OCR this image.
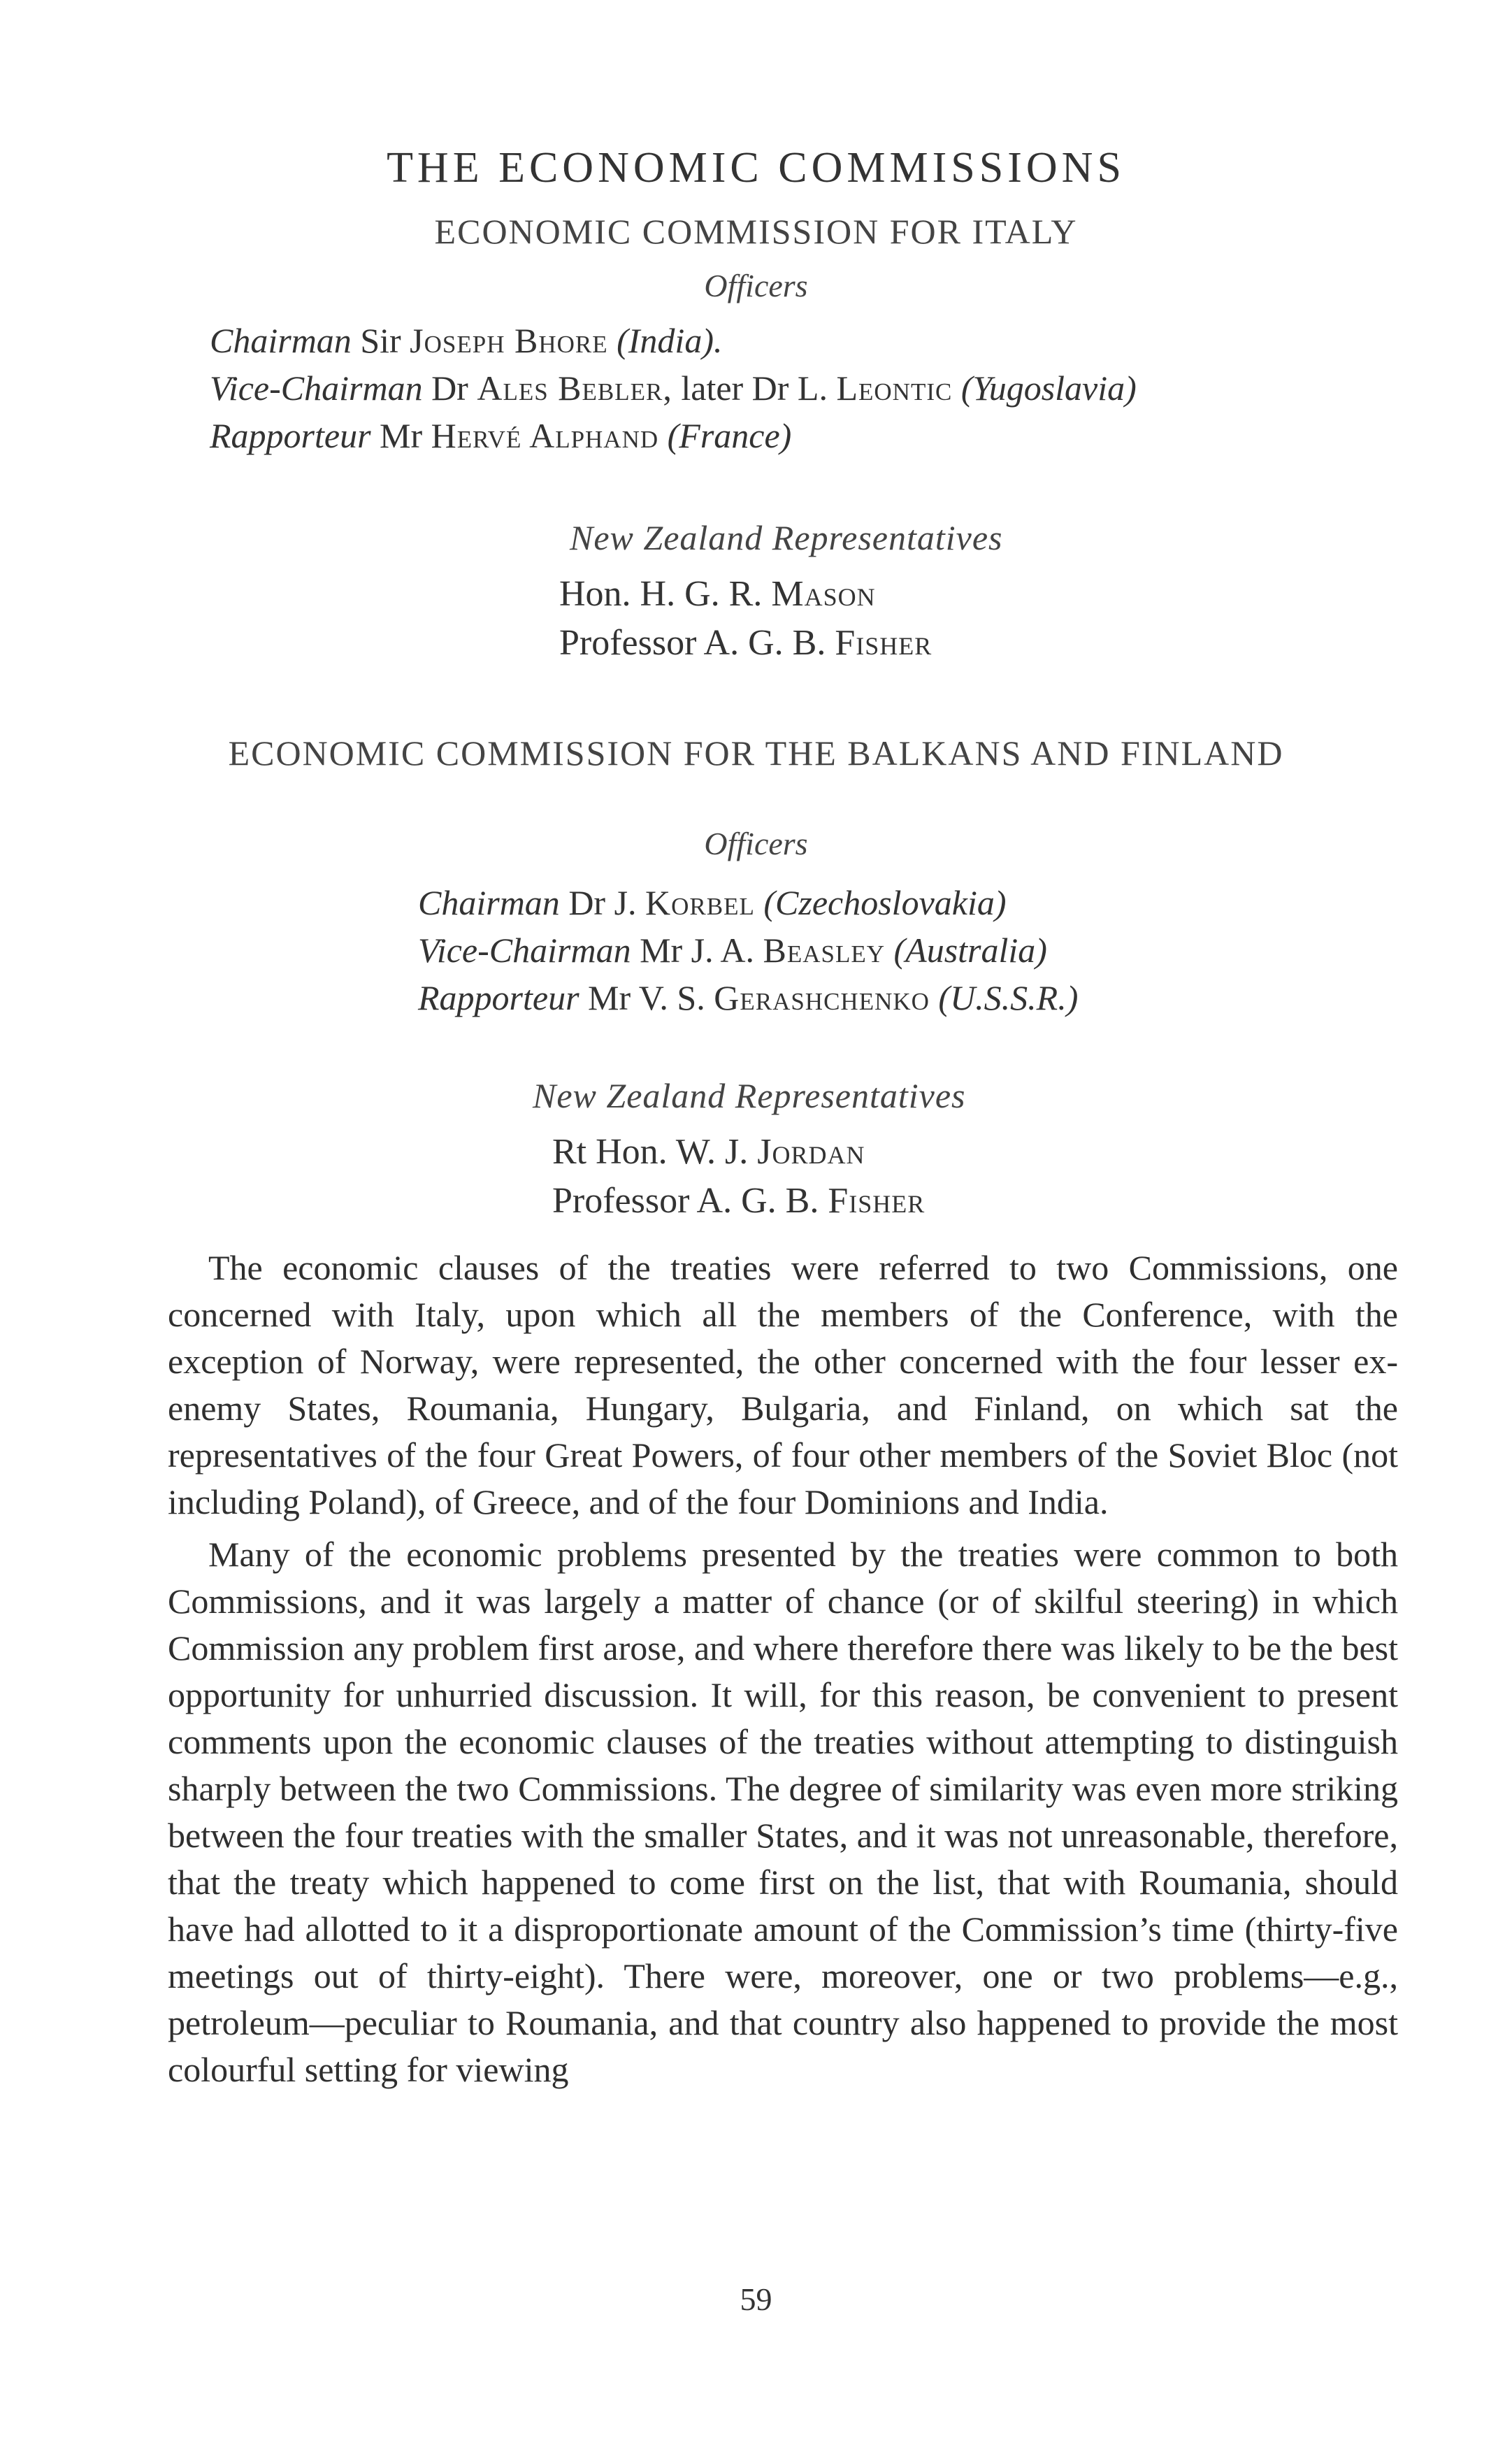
THE ECONOMIC COMMISSIONS
ECONOMIC COMMISSION FOR ITALY
Officers
Chairman Sir Joseph Bhore (India).
Vice-Chairman Dr Ales Bebler, later Dr L. Leontic (Yugoslavia)
Rapporteur Mr Hervé Alphand (France)
New Zealand Representatives
Hon. H. G. R. Mason
Professor A. G. B. Fisher
ECONOMIC COMMISSION FOR THE BALKANS AND FINLAND
Officers
Chairman Dr J. Korbel (Czechoslovakia)
Vice-Chairman Mr J. A. Beasley (Australia)
Rapporteur Mr V. S. Gerashchenko (U.S.S.R.)
New Zealand Representatives
Rt Hon. W. J. Jordan
Professor A. G. B. Fisher

The economic clauses of the treaties were referred to two Commissions, one concerned with Italy, upon which all the members of the Conference, with the exception of Norway, were represented, the other concerned with the four lesser ex-enemy States, Roumania, Hungary, Bulgaria, and Finland, on which sat the representatives of the four Great Powers, of four other members of the Soviet Bloc (not including Poland), of Greece, and of the four Dominions and India.

Many of the economic problems presented by the treaties were common to both Commissions, and it was largely a matter of chance (or of skilful steering) in which Commission any problem first arose, and where therefore there was likely to be the best opportunity for unhurried discussion. It will, for this reason, be convenient to present comments upon the economic clauses of the treaties without attempting to distinguish sharply between the two Commissions. The degree of similarity was even more striking between the four treaties with the smaller States, and it was not unreasonable, therefore, that the treaty which happened to come first on the list, that with Roumania, should have had allotted to it a disproportionate amount of the Commission’s time (thirty-five meetings out of thirty-eight). There were, moreover, one or two problems—e.g., petroleum—peculiar to Roumania, and that country also happened to provide the most colourful setting for viewing

59
